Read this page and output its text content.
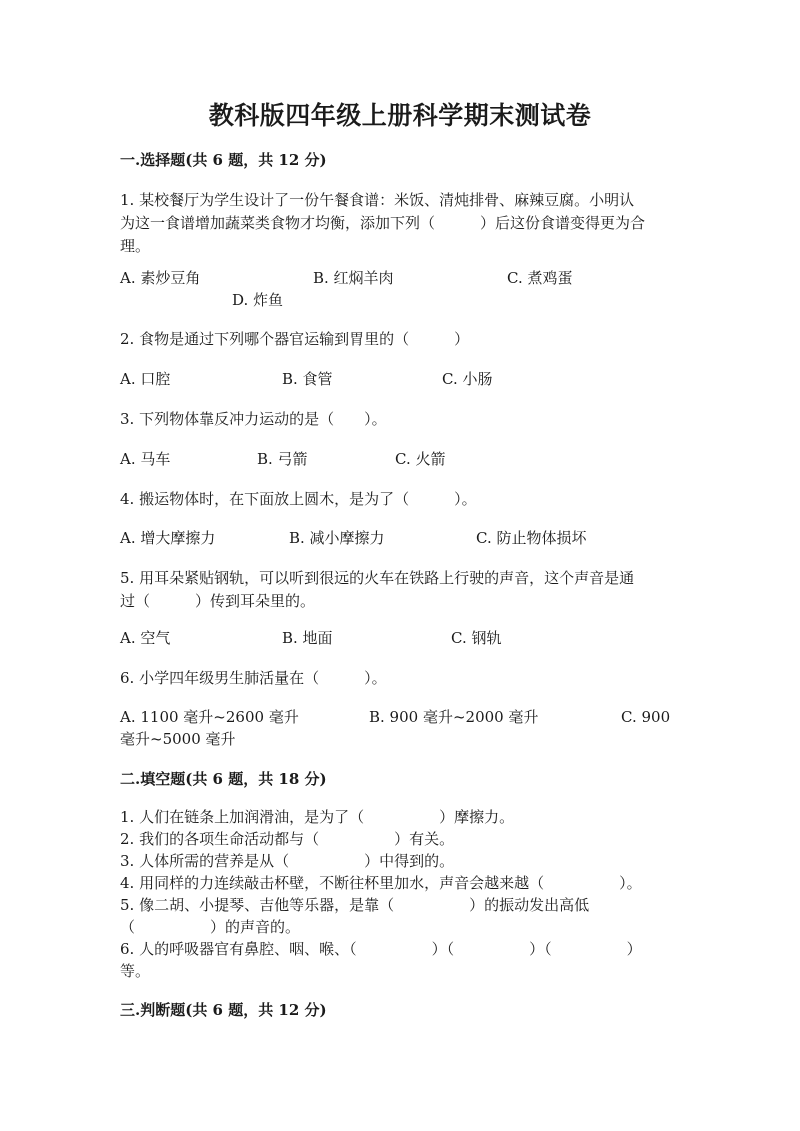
教科版四年级上册科学期末测试卷
一.选择题(共 6 题，共 12 分)
1. 某校餐厅为学生设计了一份午餐食谱：米饭、清炖排骨、麻辣豆腐。小明认
为这一食谱增加蔬菜类食物才均衡，添加下列（　　　）后这份食谱变得更为合
理。
A. 素炒豆角	B. 红焖羊肉	C. 煮鸡蛋
D. 炸鱼
2. 食物是通过下列哪个器官运输到胃里的（　　　）
A. 口腔	B. 食管	C. 小肠
3. 下列物体靠反冲力运动的是（　　）。
A. 马车	B. 弓箭	C. 火箭
4. 搬运物体时，在下面放上圆木，是为了（　　　）。
A. 增大摩擦力	B. 减小摩擦力	C. 防止物体损坏
5. 用耳朵紧贴钢轨，可以听到很远的火车在铁路上行驶的声音，这个声音是通
过（　　　）传到耳朵里的。
A. 空气	B. 地面	C. 钢轨
6. 小学四年级男生肺活量在（　　　）。
A. 1100 毫升~2600 毫升	B. 900 毫升~2000 毫升	C. 900
毫升~5000 毫升
二.填空题(共 6 题，共 18 分)
1. 人们在链条上加润滑油，是为了（　　　　　）摩擦力。
2. 我们的各项生命活动都与（　　　　　）有关。
3. 人体所需的营养是从（　　　　　）中得到的。
4. 用同样的力连续敲击杯壁，不断往杯里加水，声音会越来越（　　　　　）。
5. 像二胡、小提琴、吉他等乐器，是靠（　　　　　）的振动发出高低
（　　　　　）的声音的。
6. 人的呼吸器官有鼻腔、咽、喉、（　　　　　）（　　　　　）（　　　　　）
等。
三.判断题(共 6 题，共 12 分)
